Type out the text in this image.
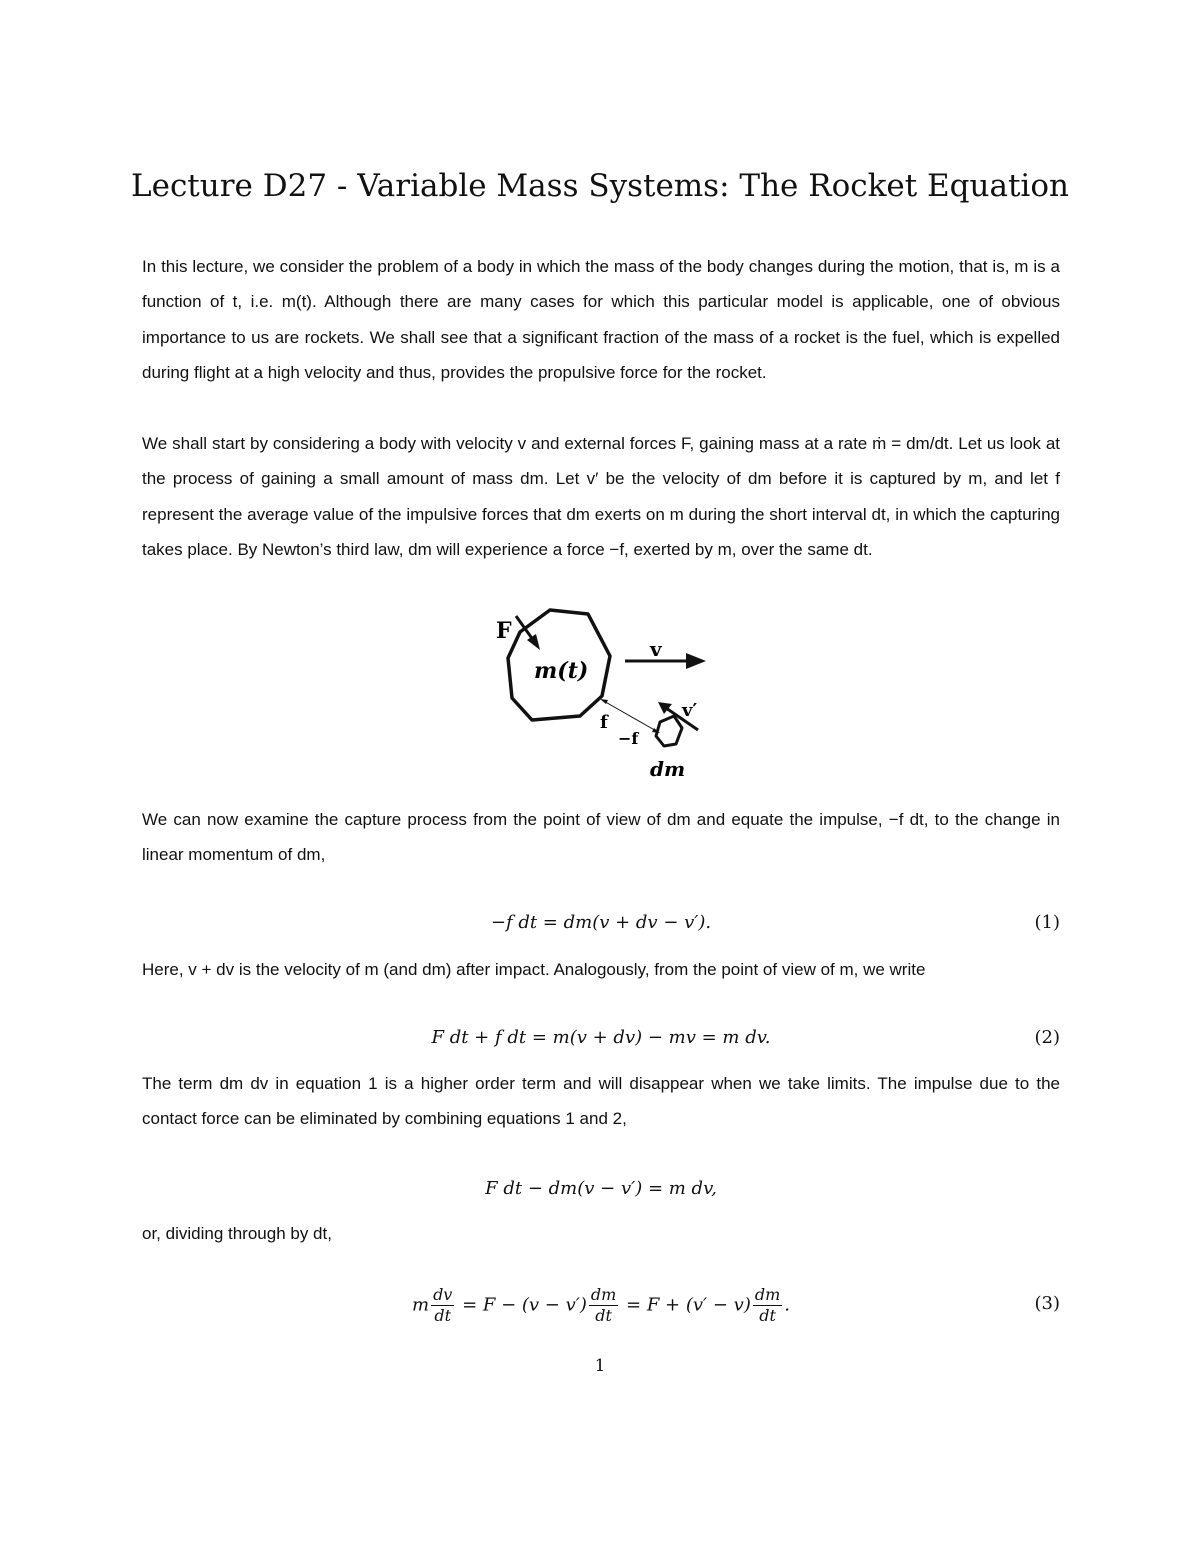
Lecture D27 - Variable Mass Systems: The Rocket Equation

In this lecture, we consider the problem of a body in which the mass of the body changes during the motion, that is, m is a function of t, i.e. m(t). Although there are many cases for which this particular model is applicable, one of obvious importance to us are rockets. We shall see that a significant fraction of the mass of a rocket is the fuel, which is expelled during flight at a high velocity and thus, provides the propulsive force for the rocket.

We shall start by considering a body with velocity v and external forces F, gaining mass at a rate ṁ = dm/dt. Let us look at the process of gaining a small amount of mass dm. Let v′ be the velocity of dm before it is captured by m, and let f represent the average value of the impulsive forces that dm exerts on m during the short interval dt, in which the capturing takes place. By Newton’s third law, dm will experience a force −f, exerted by m, over the same dt.

F
m(t)
v
f
−f
v′
dm

We can now examine the capture process from the point of view of dm and equate the impulse, −f dt, to the change in linear momentum of dm,

−f dt = dm(v + dv − v′).	(1)

Here, v + dv is the velocity of m (and dm) after impact. Analogously, from the point of view of m, we write

F dt + f dt = m(v + dv) − mv = m dv.	(2)

The term dm dv in equation 1 is a higher order term and will disappear when we take limits. The impulse due to the contact force can be eliminated by combining equations 1 and 2,

F dt − dm(v − v′) = m dv,

or, dividing through by dt,

m $\frac{dv}{dt} = F - (v - v') \frac{dm}{dt} = F + (v' - v) \frac{dm}{dt}$ .	(3)
1
